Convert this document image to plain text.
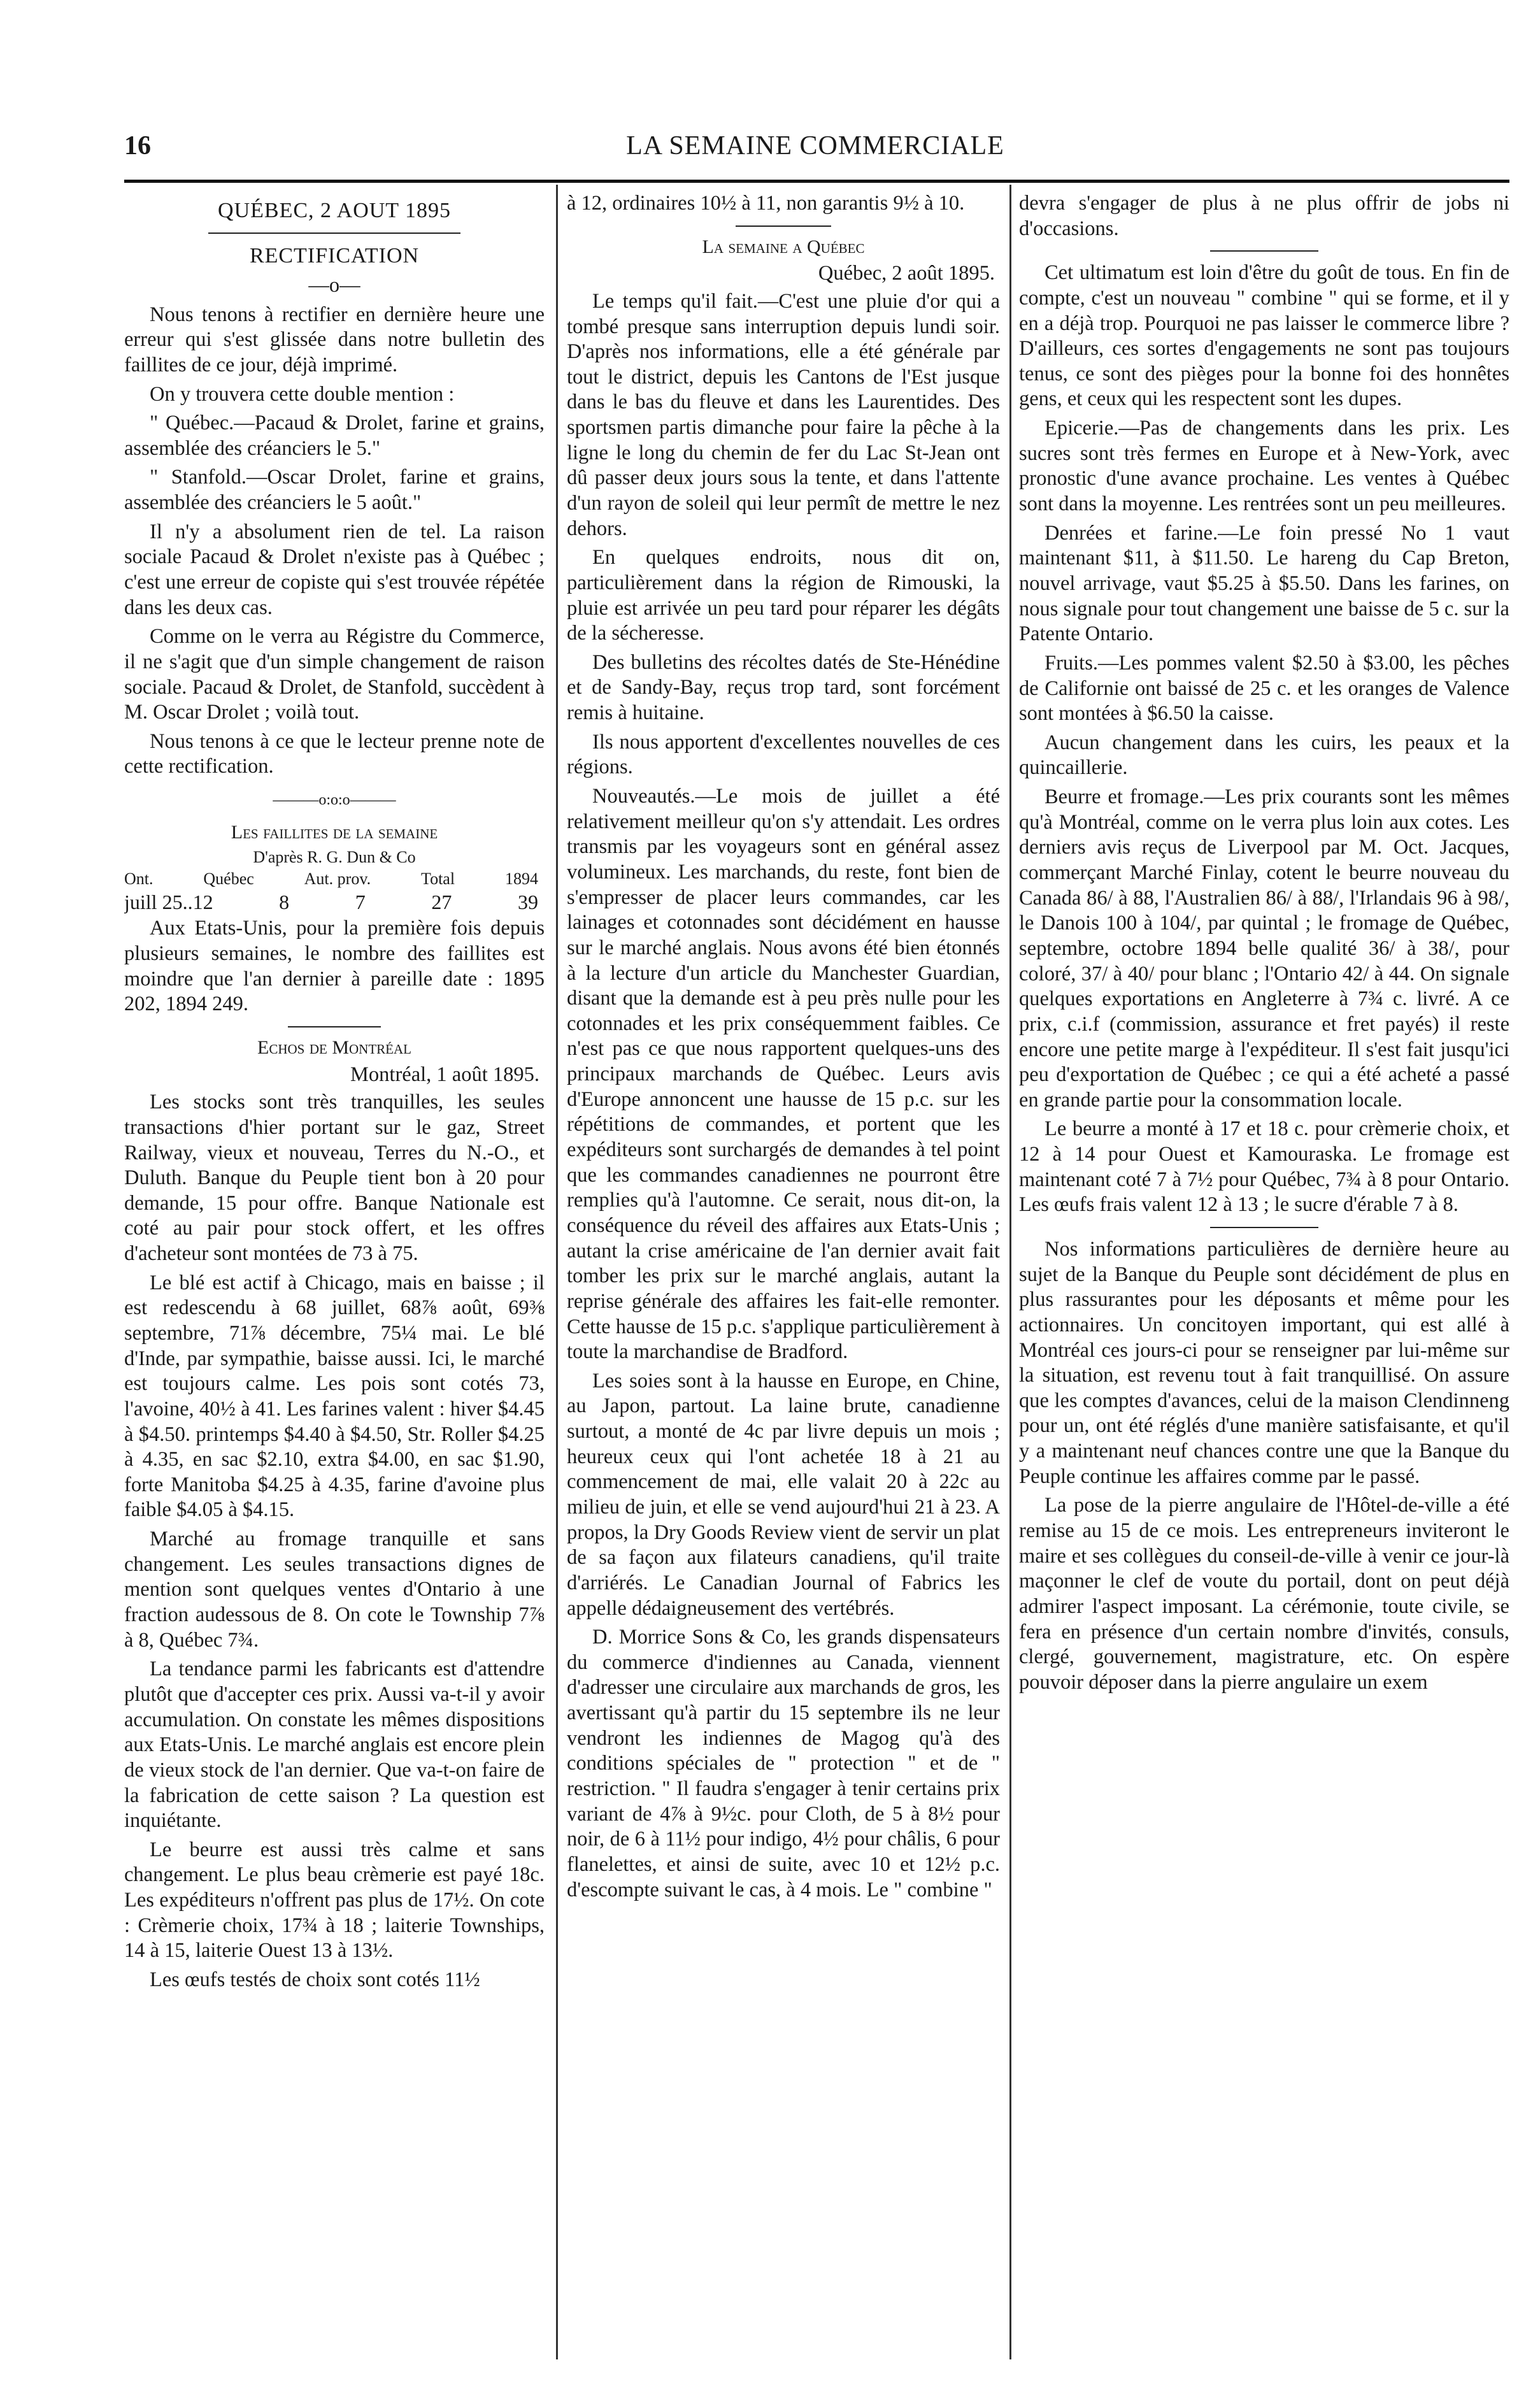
16	LA SEMAINE COMMERCIALE
QUÉBEC, 2 AOUT 1895
RECTIFICATION
—o—

Nous tenons à rectifier en dernière heure une erreur qui s'est glissée dans notre bulletin des faillites de ce jour, déjà imprimé.

On y trouvera cette double mention :

" Québec.—Pacaud & Drolet, farine et grains, assemblée des créanciers le 5."

" Stanfold.—Oscar Drolet, farine et grains, assemblée des créanciers le 5 août."

Il n'y a absolument rien de tel. La raison sociale Pacaud & Drolet n'existe pas à Québec ; c'est une erreur de copiste qui s'est trouvée répétée dans les deux cas.

Comme on le verra au Régistre du Commerce, il ne s'agit que d'un simple changement de raison sociale. Pacaud & Drolet, de Stanfold, succèdent à M. Oscar Drolet ; voilà tout.

Nous tenons à ce que le lecteur prenne note de cette rectification.

———o:o:o———
Les faillites de la semaine
D'après R. G. Dun & Co
Ont.	Québec	Aut. prov.	Total	1894
juill 25..12	8	7	27	39

Aux Etats-Unis, pour la première fois depuis plusieurs semaines, le nombre des faillites est moindre que l'an dernier à pareille date : 1895 202, 1894 249.

Echos de Montréal
Montréal, 1 août 1895.

Les stocks sont très tranquilles, les seules transactions d'hier portant sur le gaz, Street Railway, vieux et nouveau, Terres du N.-O., et Duluth. Banque du Peuple tient bon à 20 pour demande, 15 pour offre. Banque Nationale est coté au pair pour stock offert, et les offres d'acheteur sont montées de 73 à 75.

Le blé est actif à Chicago, mais en baisse ; il est redescendu à 68 juillet, 68⅞ août, 69⅜ septembre, 71⅞ décembre, 75¼ mai. Le blé d'Inde, par sympathie, baisse aussi. Ici, le marché est toujours calme. Les pois sont cotés 73, l'avoine, 40½ à 41. Les farines valent : hiver $4.45 à $4.50. printemps $4.40 à $4.50, Str. Roller $4.25 à 4.35, en sac $2.10, extra $4.00, en sac $1.90, forte Manitoba $4.25 à 4.35, farine d'avoine plus faible $4.05 à $4.15.

Marché au fromage tranquille et sans changement. Les seules transactions dignes de mention sont quelques ventes d'Ontario à une fraction audessous de 8. On cote le Township 7⅞ à 8, Québec 7¾.

La tendance parmi les fabricants est d'attendre plutôt que d'accepter ces prix. Aussi va-t-il y avoir accumulation. On constate les mêmes dispositions aux Etats-Unis. Le marché anglais est encore plein de vieux stock de l'an dernier. Que va-t-on faire de la fabrication de cette saison ? La question est inquiétante.

Le beurre est aussi très calme et sans changement. Le plus beau crèmerie est payé 18c. Les expéditeurs n'offrent pas plus de 17½. On cote : Crèmerie choix, 17¾ à 18 ; laiterie Townships, 14 à 15, laiterie Ouest 13 à 13½.

Les œufs testés de choix sont cotés 11½

à 12, ordinaires 10½ à 11, non garantis 9½ à 10.

La semaine a Québec
Québec, 2 août 1895.

Le temps qu'il fait.—C'est une pluie d'or qui a tombé presque sans interruption depuis lundi soir. D'après nos informations, elle a été générale par tout le district, depuis les Cantons de l'Est jusque dans le bas du fleuve et dans les Laurentides. Des sportsmen partis dimanche pour faire la pêche à la ligne le long du chemin de fer du Lac St-Jean ont dû passer deux jours sous la tente, et dans l'attente d'un rayon de soleil qui leur permît de mettre le nez dehors.

En quelques endroits, nous dit on, particulièrement dans la région de Rimouski, la pluie est arrivée un peu tard pour réparer les dégâts de la sécheresse.

Des bulletins des récoltes datés de Ste-Hénédine et de Sandy-Bay, reçus trop tard, sont forcément remis à huitaine.

Ils nous apportent d'excellentes nouvelles de ces régions.

Nouveautés.—Le mois de juillet a été relativement meilleur qu'on s'y attendait. Les ordres transmis par les voyageurs sont en général assez volumineux. Les marchands, du reste, font bien de s'empresser de placer leurs commandes, car les lainages et cotonnades sont décidément en hausse sur le marché anglais. Nous avons été bien étonnés à la lecture d'un article du Manchester Guardian, disant que la demande est à peu près nulle pour les cotonnades et les prix conséquemment faibles. Ce n'est pas ce que nous rapportent quelques-uns des principaux marchands de Québec. Leurs avis d'Europe annoncent une hausse de 15 p.c. sur les répétitions de commandes, et portent que les expéditeurs sont surchargés de demandes à tel point que les commandes canadiennes ne pourront être remplies qu'à l'automne. Ce serait, nous dit-on, la conséquence du réveil des affaires aux Etats-Unis ; autant la crise américaine de l'an dernier avait fait tomber les prix sur le marché anglais, autant la reprise générale des affaires les fait-elle remonter. Cette hausse de 15 p.c. s'applique particulièrement à toute la marchandise de Bradford.

Les soies sont à la hausse en Europe, en Chine, au Japon, partout. La laine brute, canadienne surtout, a monté de 4c par livre depuis un mois ; heureux ceux qui l'ont achetée 18 à 21 au commencement de mai, elle valait 20 à 22c au milieu de juin, et elle se vend aujourd'hui 21 à 23. A propos, la Dry Goods Review vient de servir un plat de sa façon aux filateurs canadiens, qu'il traite d'arriérés. Le Canadian Journal of Fabrics les appelle dédaigneusement des vertébrés.

D. Morrice Sons & Co, les grands dispensateurs du commerce d'indiennes au Canada, viennent d'adresser une circulaire aux marchands de gros, les avertissant qu'à partir du 15 septembre ils ne leur vendront les indiennes de Magog qu'à des conditions spéciales de " protection " et de " restriction. " Il faudra s'engager à tenir certains prix variant de 4⅞ à 9½c. pour Cloth, de 5 à 8½ pour noir, de 6 à 11½ pour indigo, 4½ pour châlis, 6 pour flanelettes, et ainsi de suite, avec 10 et 12½ p.c. d'escompte suivant le cas, à 4 mois. Le " combine "

devra s'engager de plus à ne plus offrir de jobs ni d'occasions.

Cet ultimatum est loin d'être du goût de tous. En fin de compte, c'est un nouveau " combine " qui se forme, et il y en a déjà trop. Pourquoi ne pas laisser le commerce libre ? D'ailleurs, ces sortes d'engagements ne sont pas toujours tenus, ce sont des pièges pour la bonne foi des honnêtes gens, et ceux qui les respectent sont les dupes.

Epicerie.—Pas de changements dans les prix. Les sucres sont très fermes en Europe et à New-York, avec pronostic d'une avance prochaine. Les ventes à Québec sont dans la moyenne. Les rentrées sont un peu meilleures.

Denrées et farine.—Le foin pressé No 1 vaut maintenant $11, à $11.50. Le hareng du Cap Breton, nouvel arrivage, vaut $5.25 à $5.50. Dans les farines, on nous signale pour tout changement une baisse de 5 c. sur la Patente Ontario.

Fruits.—Les pommes valent $2.50 à $3.00, les pêches de Californie ont baissé de 25 c. et les oranges de Valence sont montées à $6.50 la caisse.

Aucun changement dans les cuirs, les peaux et la quincaillerie.

Beurre et fromage.—Les prix courants sont les mêmes qu'à Montréal, comme on le verra plus loin aux cotes. Les derniers avis reçus de Liverpool par M. Oct. Jacques, commerçant Marché Finlay, cotent le beurre nouveau du Canada 86/ à 88, l'Australien 86/ à 88/, l'Irlandais 96 à 98/, le Danois 100 à 104/, par quintal ; le fromage de Québec, septembre, octobre 1894 belle qualité 36/ à 38/, pour coloré, 37/ à 40/ pour blanc ; l'Ontario 42/ à 44. On signale quelques exportations en Angleterre à 7¾ c. livré. A ce prix, c.i.f (commission, assurance et fret payés) il reste encore une petite marge à l'expéditeur. Il s'est fait jusqu'ici peu d'exportation de Québec ; ce qui a été acheté a passé en grande partie pour la consommation locale.

Le beurre a monté à 17 et 18 c. pour crèmerie choix, et 12 à 14 pour Ouest et Kamouraska. Le fromage est maintenant coté 7 à 7½ pour Québec, 7¾ à 8 pour Ontario. Les œufs frais valent 12 à 13 ; le sucre d'érable 7 à 8.

Nos informations particulières de dernière heure au sujet de la Banque du Peuple sont décidément de plus en plus rassurantes pour les déposants et même pour les actionnaires. Un concitoyen important, qui est allé à Montréal ces jours-ci pour se renseigner par lui-même sur la situation, est revenu tout à fait tranquillisé. On assure que les comptes d'avances, celui de la maison Clendinneng pour un, ont été réglés d'une manière satisfaisante, et qu'il y a maintenant neuf chances contre une que la Banque du Peuple continue les affaires comme par le passé.

La pose de la pierre angulaire de l'Hôtel-de-ville a été remise au 15 de ce mois. Les entrepreneurs inviteront le maire et ses collègues du conseil-de-ville à venir ce jour-là maçonner le clef de voute du portail, dont on peut déjà admirer l'aspect imposant. La cérémonie, toute civile, se fera en présence d'un certain nombre d'invités, consuls, clergé, gouvernement, magistrature, etc. On espère pouvoir déposer dans la pierre angulaire un exem
